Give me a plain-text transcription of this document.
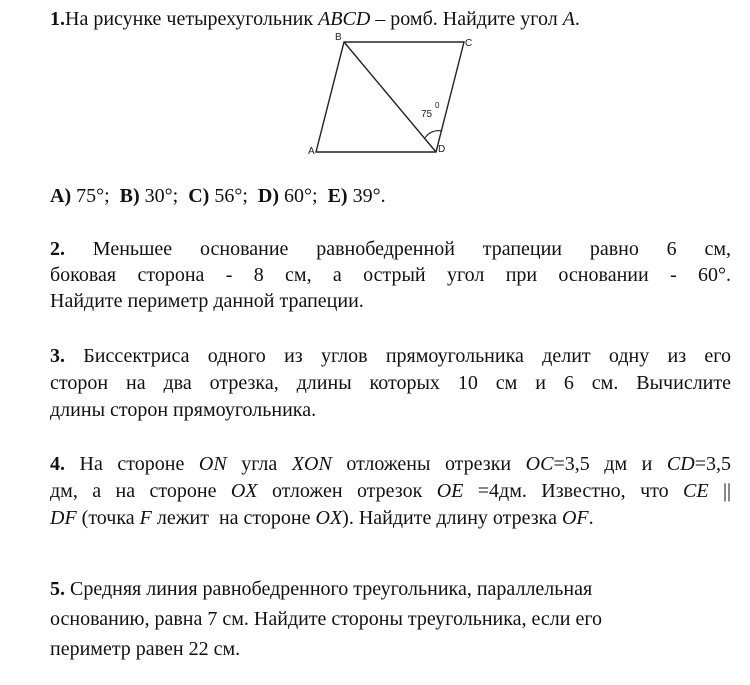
1.На рисунке четырехугольник ABCD – ромб. Найдите угол A.
B
C
A	D
75
0
A) 75°;  B) 30°;  C) 56°;  D) 60°;  E) 39°.
2. Меньшее основание равнобедренной трапеции равно 6 см,
боковая сторона - 8 см, а острый угол при основании - 60°.
Найдите периметр данной трапеции.
3. Биссектриса одного из углов прямоугольника делит одну из его
сторон на два отрезка, длины которых 10 см и 6 см. Вычислите
длины сторон прямоугольника.
4. На стороне ON угла XON отложены отрезки OC=3,5 дм и CD=3,5
дм, а на стороне OX отложен отрезок OE =4дм. Известно, что CE ||
DF (точка F лежит  на стороне OX). Найдите длину отрезка OF.
5. Средняя линия равнобедренного треугольника, параллельная
основанию, равна 7 см. Найдите стороны треугольника, если его
периметр равен 22 см.
